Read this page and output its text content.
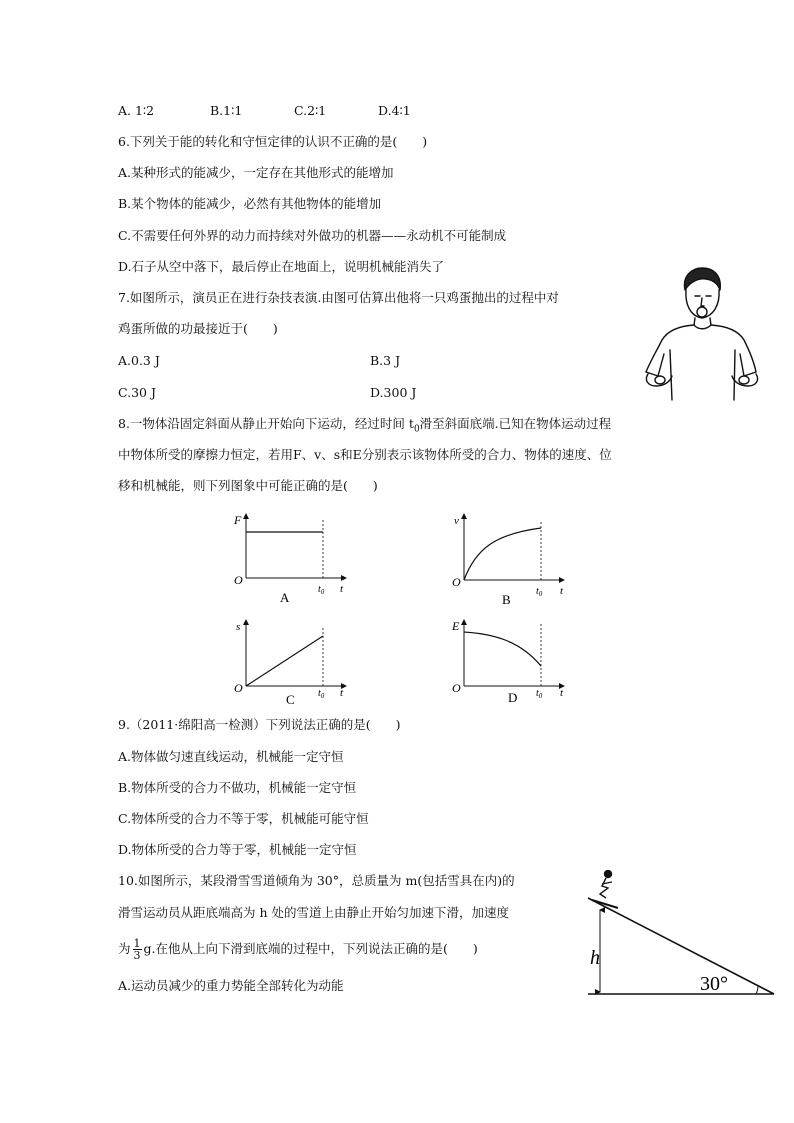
A. 1∶2	B.1∶1	C.2∶1	D.4∶1
6.下列关于能的转化和守恒定律的认识不正确的是(　　)
A.某种形式的能减少，一定存在其他形式的能增加
B.某个物体的能减少，必然有其他物体的能增加
C.不需要任何外界的动力而持续对外做功的机器——永动机不可能制成
D.石子从空中落下，最后停止在地面上，说明机械能消失了
7.如图所示，演员正在进行杂技表演.由图可估算出他将一只鸡蛋抛出的过程中对
鸡蛋所做的功最接近于(　　)
A.0.3 J	B.3 J
C.30 J	D.300 J
8.一物体沿固定斜面从静止开始向下运动，经过时间 $t_0$滑至斜面底端.已知在物体运动过程
中物体所受的摩擦力恒定，若用F、v、s和E分别表示该物体所受的合力、物体的速度、位
移和机械能，则下列图象中可能正确的是(　　)
F
O
t
$t_0$
A
v
O
t
$t_0$
B
s
O	t
$t_0$
C
E
O	t
$t_0$
D
9.（2011·绵阳高一检测）下列说法正确的是(　　)
A.物体做匀速直线运动，机械能一定守恒
B.物体所受的合力不做功，机械能一定守恒
C.物体所受的合力不等于零，机械能可能守恒
D.物体所受的合力等于零，机械能一定守恒
10.如图所示，某段滑雪雪道倾角为 30°，总质量为 m(包括雪具在内)的
滑雪运动员从距底端高为 h 处的雪道上由静止开始匀加速下滑，加速度
为 $\frac{1}{3} g$.在他从上向下滑到底端的过程中，下列说法正确的是(　　)
A.运动员减少的重力势能全部转化为动能
h
30°
